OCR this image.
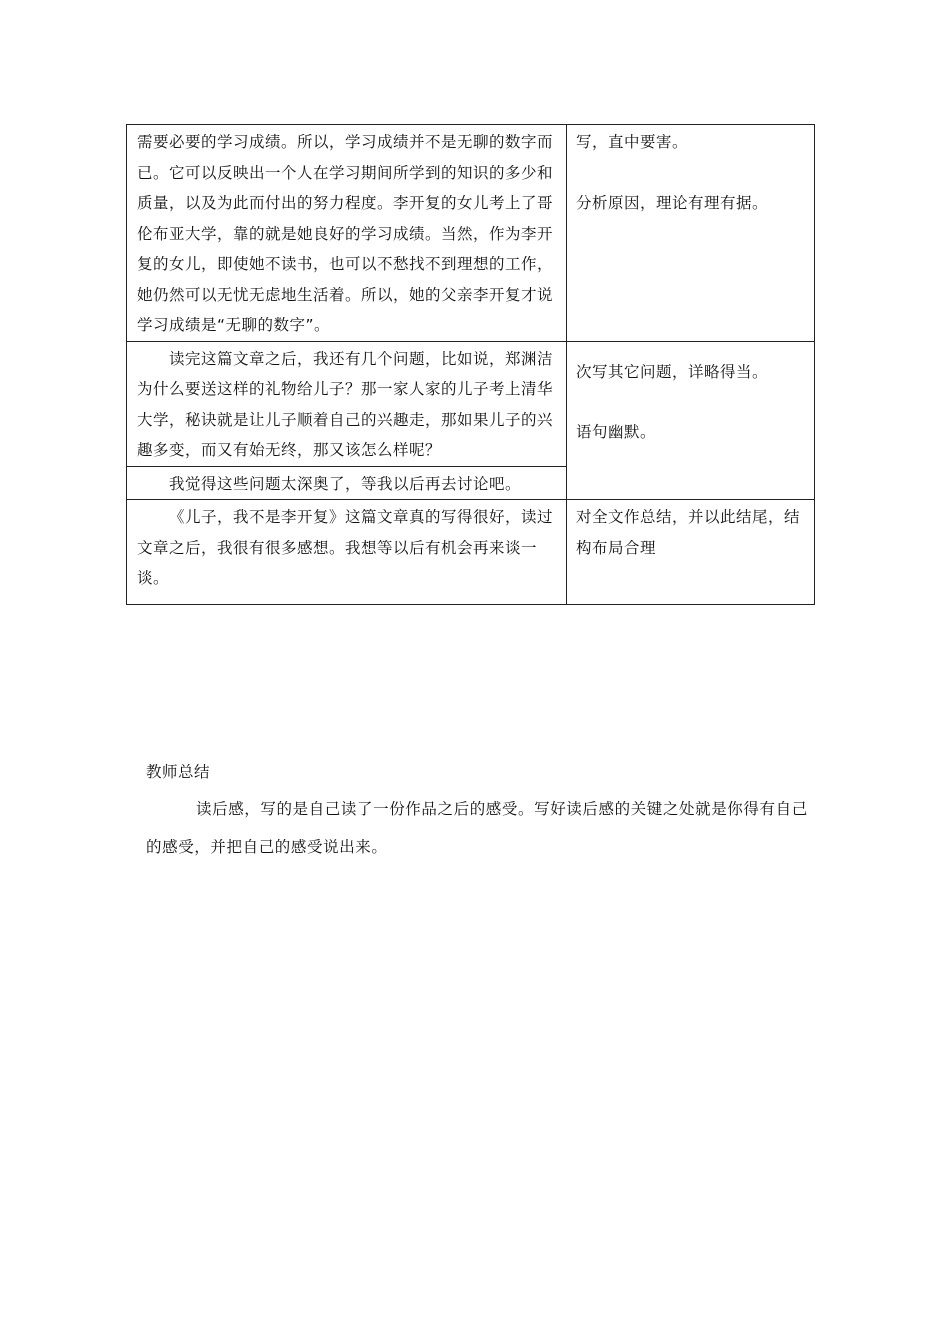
需要必要的学习成绩。所以，学习成绩并不是无聊的数字而已。它可以反映出一个人在学习期间所学到的知识的多少和质量，以及为此而付出的努力程度。李开复的女儿考上了哥伦布亚大学，靠的就是她良好的学习成绩。当然，作为李开复的女儿，即使她不读书，也可以不愁找不到理想的工作，她仍然可以无忧无虑地生活着。所以，她的父亲李开复才说学习成绩是“无聊的数字”。

写，直中要害。

分析原因，理论有理有据。

读完这篇文章之后，我还有几个问题，比如说，郑渊洁为什么要送这样的礼物给儿子？那一家人家的儿子考上清华大学，秘诀就是让儿子顺着自己的兴趣走，那如果儿子的兴趣多变，而又有始无终，那又该怎么样呢？

我觉得这些问题太深奥了，等我以后再去讨论吧。

次写其它问题，详略得当。

语句幽默。

《儿子，我不是李开复》这篇文章真的写得很好，读过文章之后，我很有很多感想。我想等以后有机会再来谈一谈。

对全文作总结，并以此结尾，结构布局合理

教师总结

读后感，写的是自己读了一份作品之后的感受。写好读后感的关键之处就是你得有自己的感受，并把自己的感受说出来。
